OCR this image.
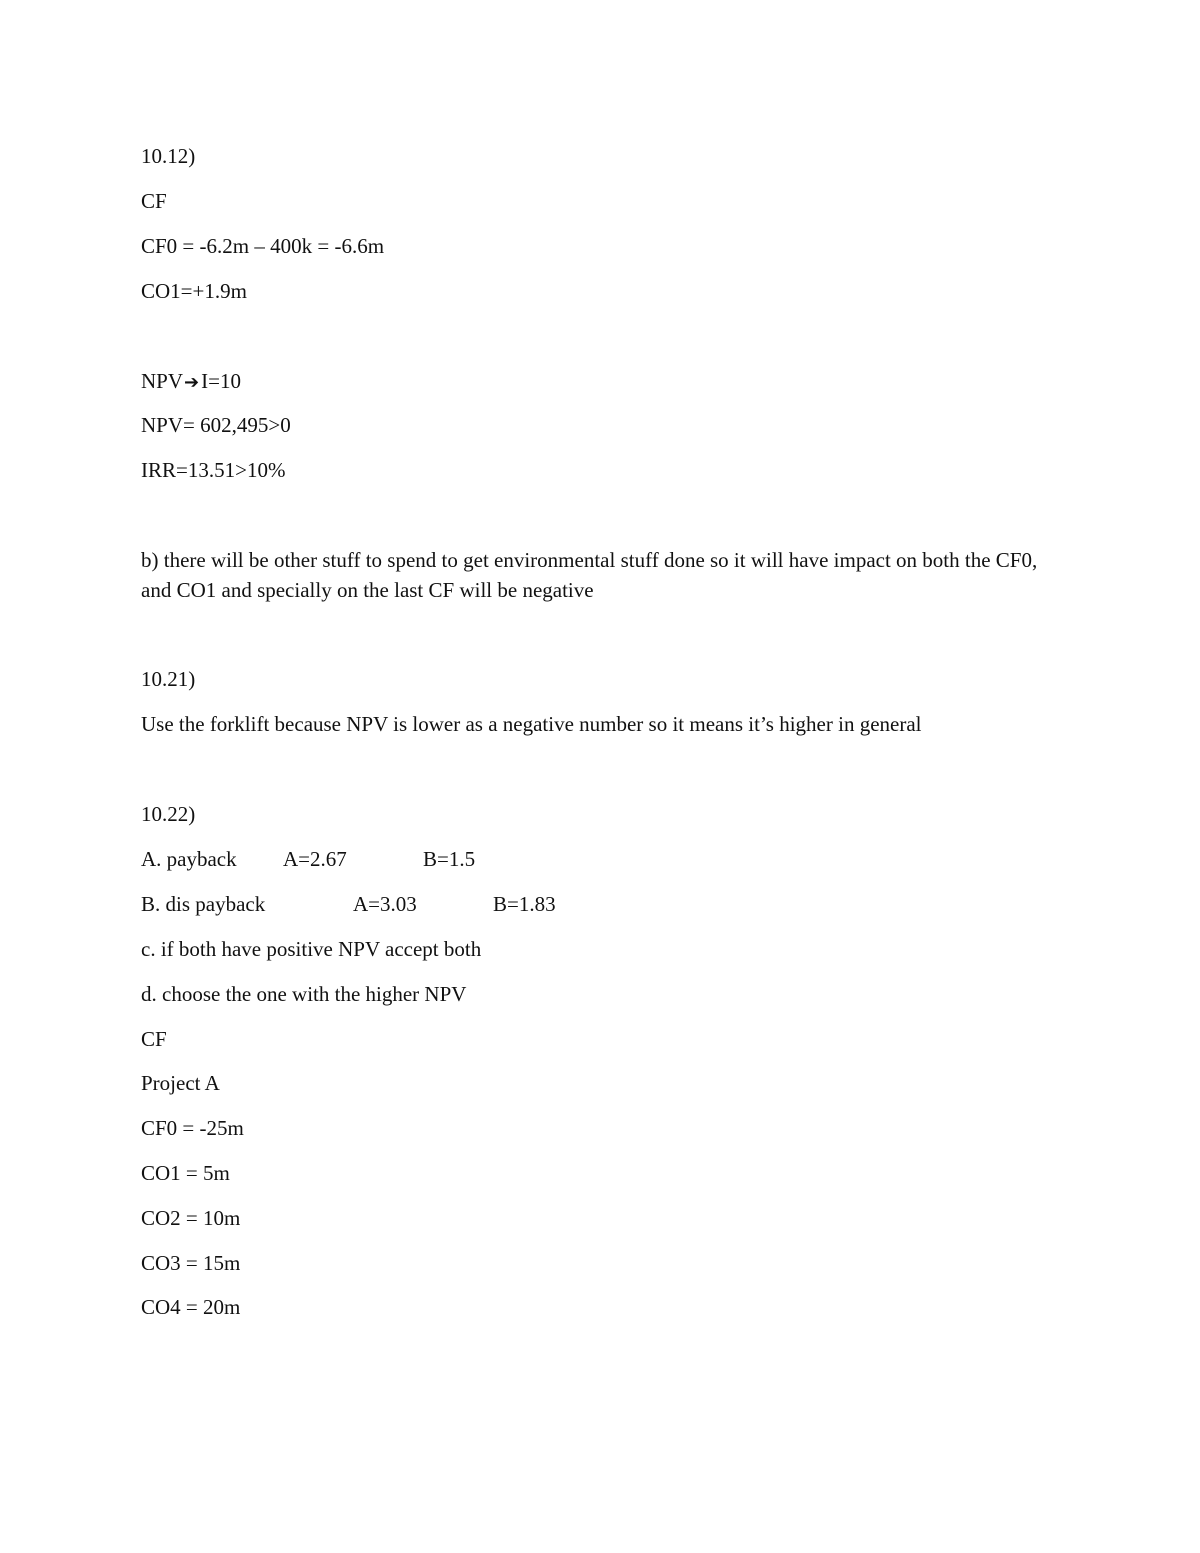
10.12)
CF
CF0 = -6.2m – 400k = -6.6m
CO1=+1.9m
NPV➔I=10
NPV= 602,495>0
IRR=13.51>10%
b) there will be other stuff to spend to get environmental stuff done so it will have impact on both the CF0, and CO1 and specially on the last CF will be negative
10.21)
Use the forklift because NPV is lower as a negative number so it means it’s higher in general
10.22)
A. payback A=2.67	B=1.5
B. dis payback	A=3.03	B=1.83
c. if both have positive NPV accept both
d. choose the one with the higher NPV
CF
Project A
CF0 = -25m
CO1 = 5m
CO2 = 10m
CO3 = 15m
CO4 = 20m
